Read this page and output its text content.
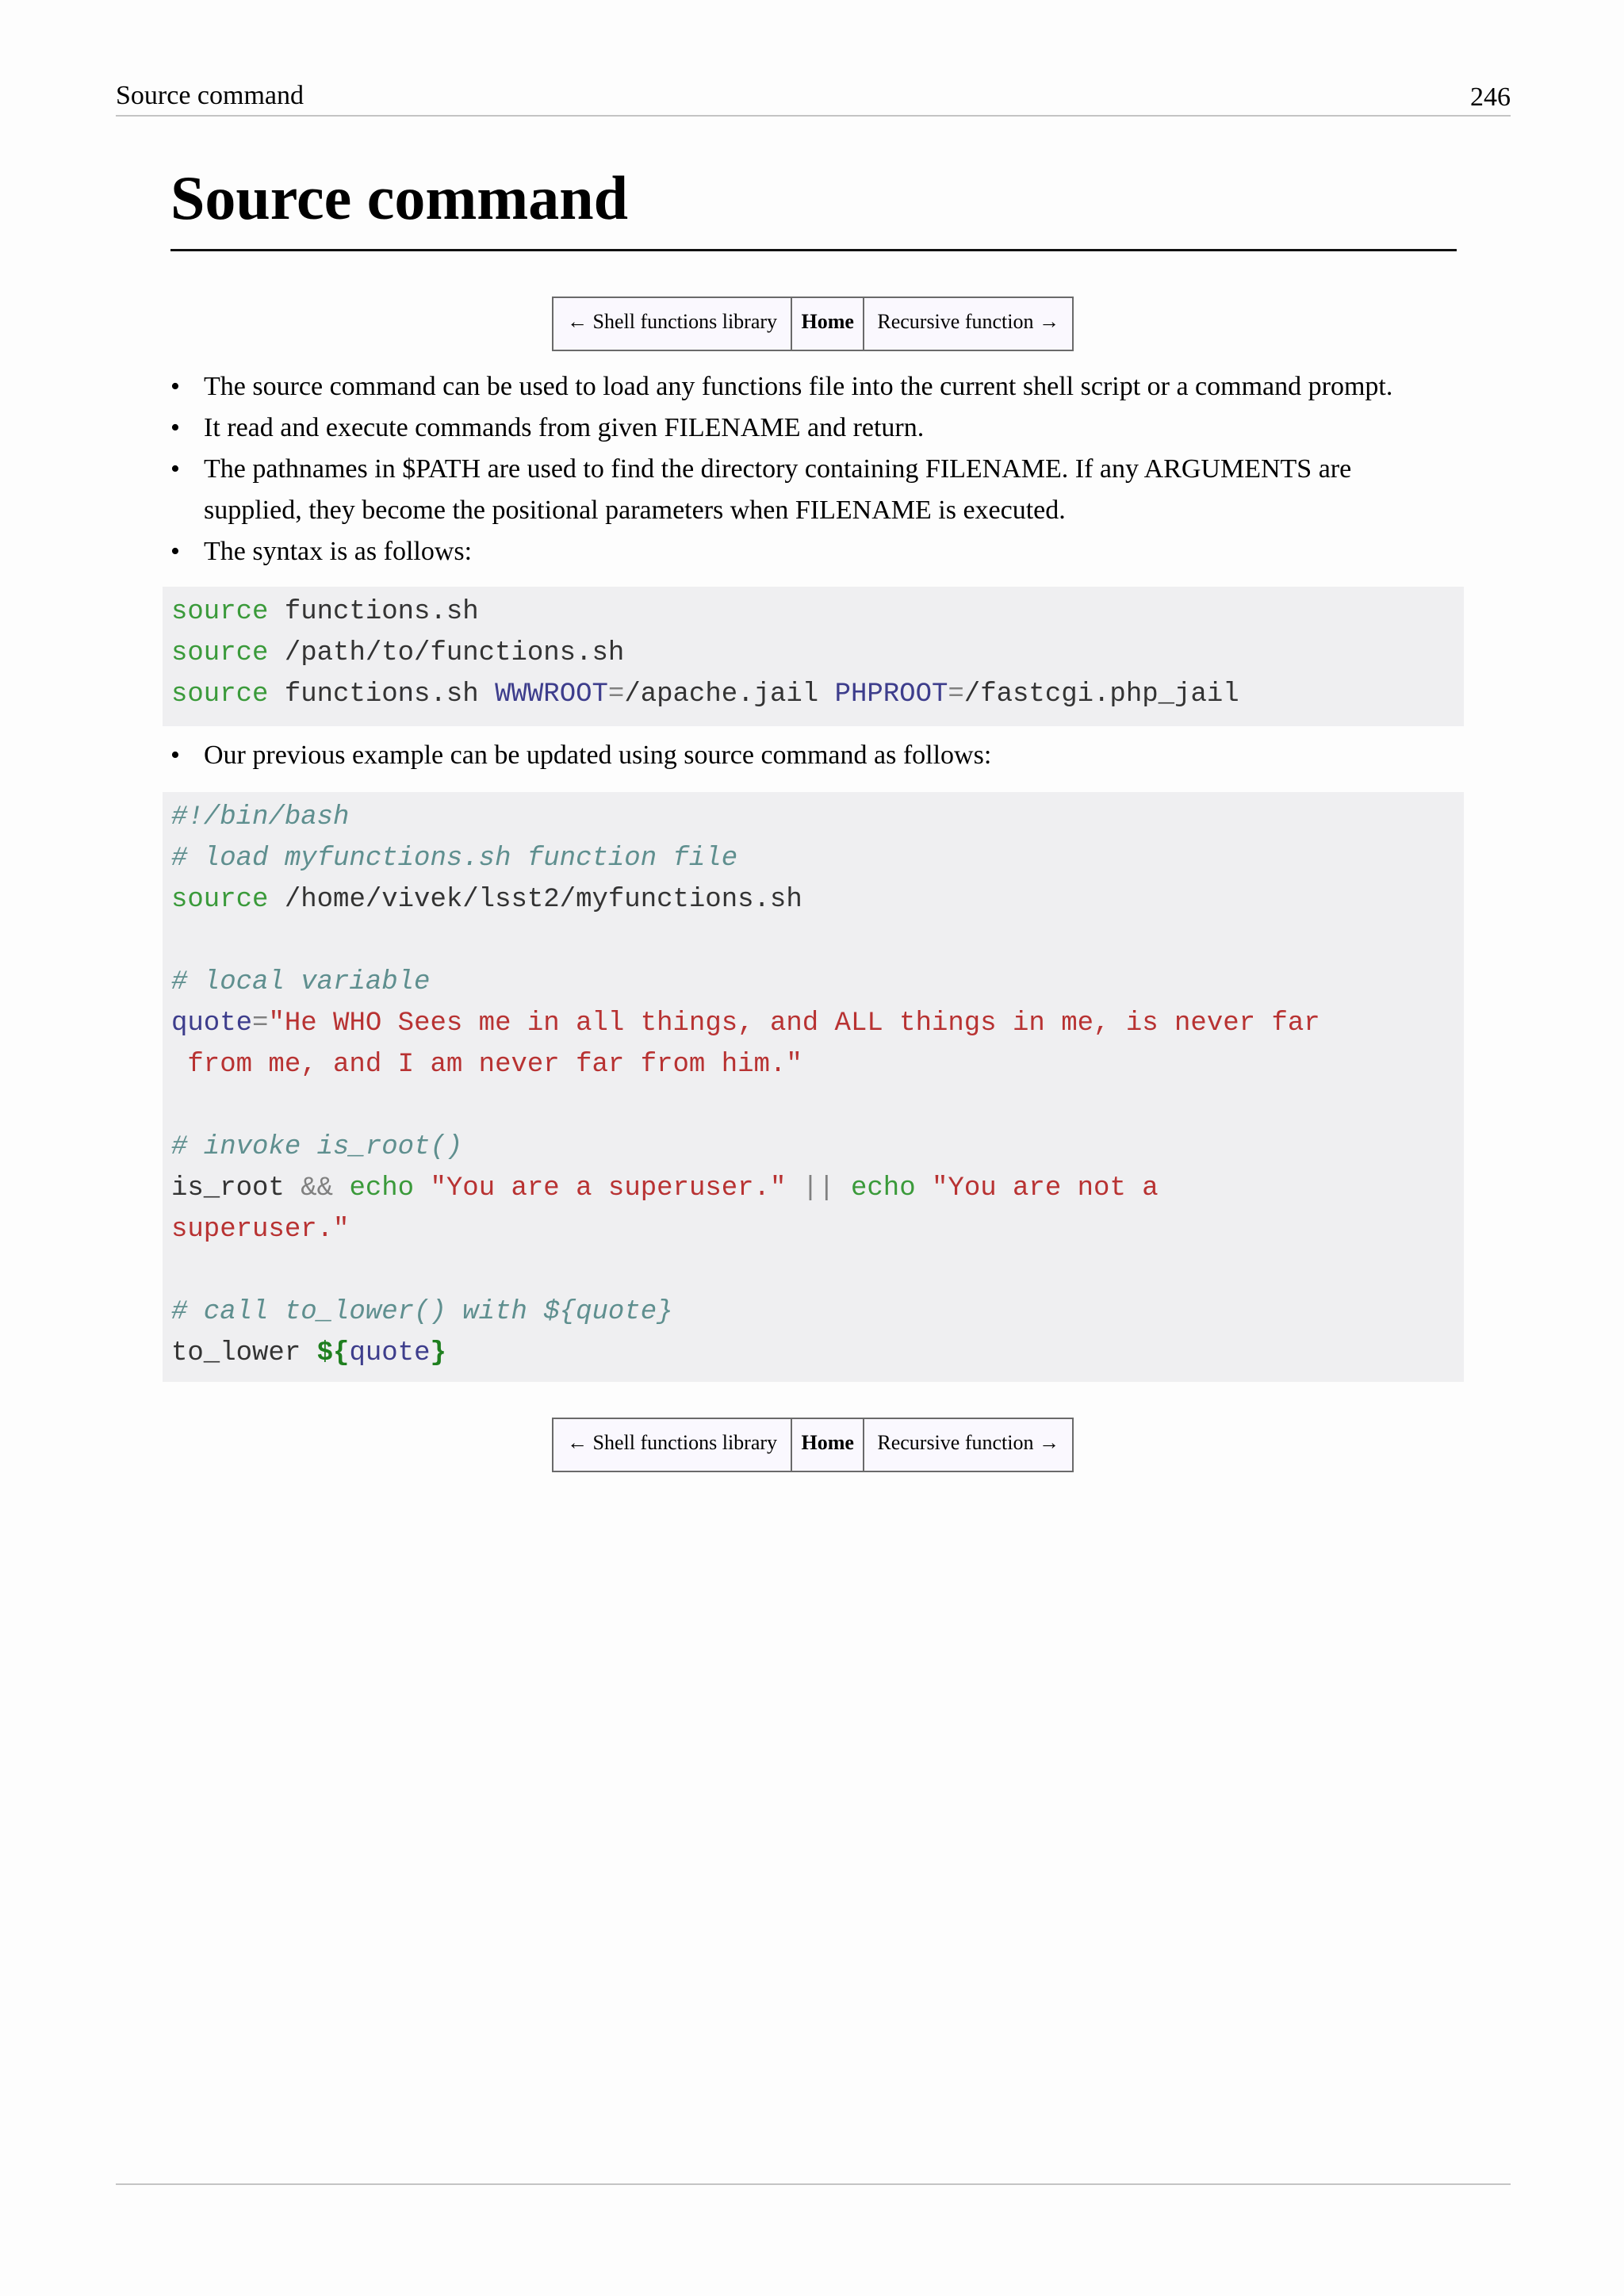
Source command	246
Source command
← Shell functions library	Home	Recursive function →
• The source command can be used to load any functions file into the current shell script or a command prompt.
• It read and execute commands from given FILENAME and return.
• The pathnames in $PATH are used to find the directory containing FILENAME. If any ARGUMENTS are supplied, they become the positional parameters when FILENAME is executed.
• The syntax is as follows:
source functions.sh
source /path/to/functions.sh
source functions.sh WWWROOT=/apache.jail PHPROOT=/fastcgi.php_jail
• Our previous example can be updated using source command as follows:
#!/bin/bash
# load myfunctions.sh function file
source /home/vivek/lsst2/myfunctions.sh
# local variable
quote="He WHO Sees me in all things, and ALL things in me, is never far
from me, and I am never far from him."
# invoke is_root()
is_root && echo "You are a superuser." || echo "You are not a
superuser."
# call to_lower() with ${quote}
to_lower ${quote}
← Shell functions library	Home	Recursive function →
